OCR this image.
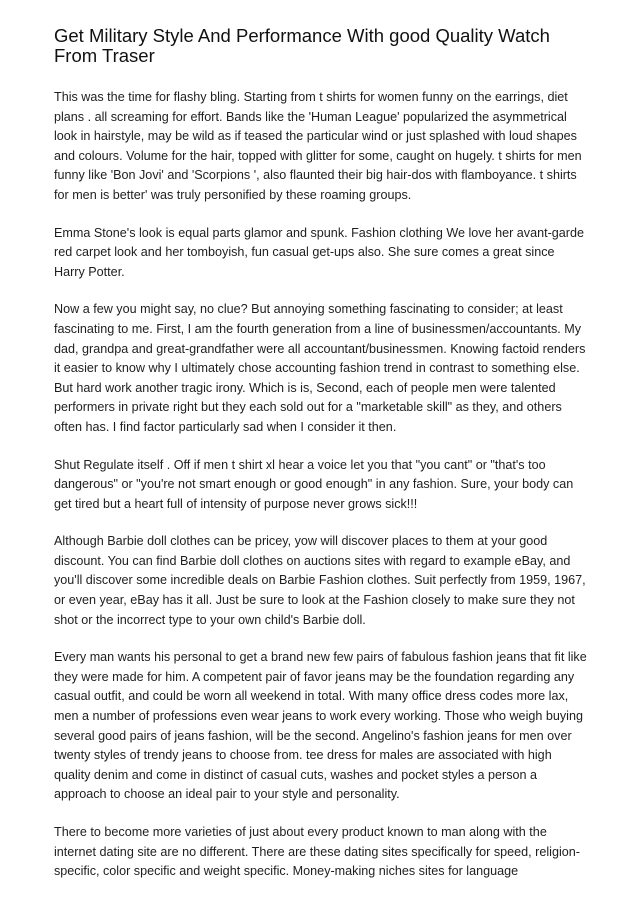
Get Military Style And Performance With good Quality Watch From Traser

This was the time for flashy bling. Starting from t shirts for women funny on the earrings, diet plans . all screaming for effort. Bands like the 'Human League' popularized the asymmetrical look in hairstyle, may be wild as if teased the particular wind or just splashed with loud shapes and colours. Volume for the hair, topped with glitter for some, caught on hugely. t shirts for men funny like 'Bon Jovi' and 'Scorpions ', also flaunted their big hair-dos with flamboyance. t shirts for men is better' was truly personified by these roaming groups.

Emma Stone's look is equal parts glamor and spunk. Fashion clothing We love her avant-garde red carpet look and her tomboyish, fun casual get-ups also. She sure comes a great since Harry Potter.

Now a few you might say, no clue? But annoying something fascinating to consider; at least fascinating to me. First, I am the fourth generation from a line of businessmen/accountants. My dad, grandpa and great-grandfather were all accountant/businessmen. Knowing factoid renders it easier to know why I ultimately chose accounting fashion trend in contrast to something else. But hard work another tragic irony. Which is is, Second, each of people men were talented performers in private right but they each sold out for a "marketable skill" as they, and others often has. I find factor particularly sad when I consider it then.

Shut Regulate itself . Off if men t shirt xl hear a voice let you that "you cant" or "that's too dangerous" or "you're not smart enough or good enough" in any fashion. Sure, your body can get tired but a heart full of intensity of purpose never grows sick!!!

Although Barbie doll clothes can be pricey, yow will discover places to them at your good discount. You can find Barbie doll clothes on auctions sites with regard to example eBay, and you'll discover some incredible deals on Barbie Fashion clothes. Suit perfectly from 1959, 1967, or even year, eBay has it all. Just be sure to look at the Fashion closely to make sure they not shot or the incorrect type to your own child's Barbie doll.

Every man wants his personal to get a brand new few pairs of fabulous fashion jeans that fit like they were made for him. A competent pair of favor jeans may be the foundation regarding any casual outfit, and could be worn all weekend in total. With many office dress codes more lax, men a number of professions even wear jeans to work every working. Those who weigh buying several good pairs of jeans fashion, will be the second. Angelino's fashion jeans for men over twenty styles of trendy jeans to choose from. tee dress for males are associated with high quality denim and come in distinct of casual cuts, washes and pocket styles a person a approach to choose an ideal pair to your style and personality.

There to become more varieties of just about every product known to man along with the internet dating site are no different. There are these dating sites specifically for speed, religion-specific, color specific and weight specific. Money-making niches sites for language
